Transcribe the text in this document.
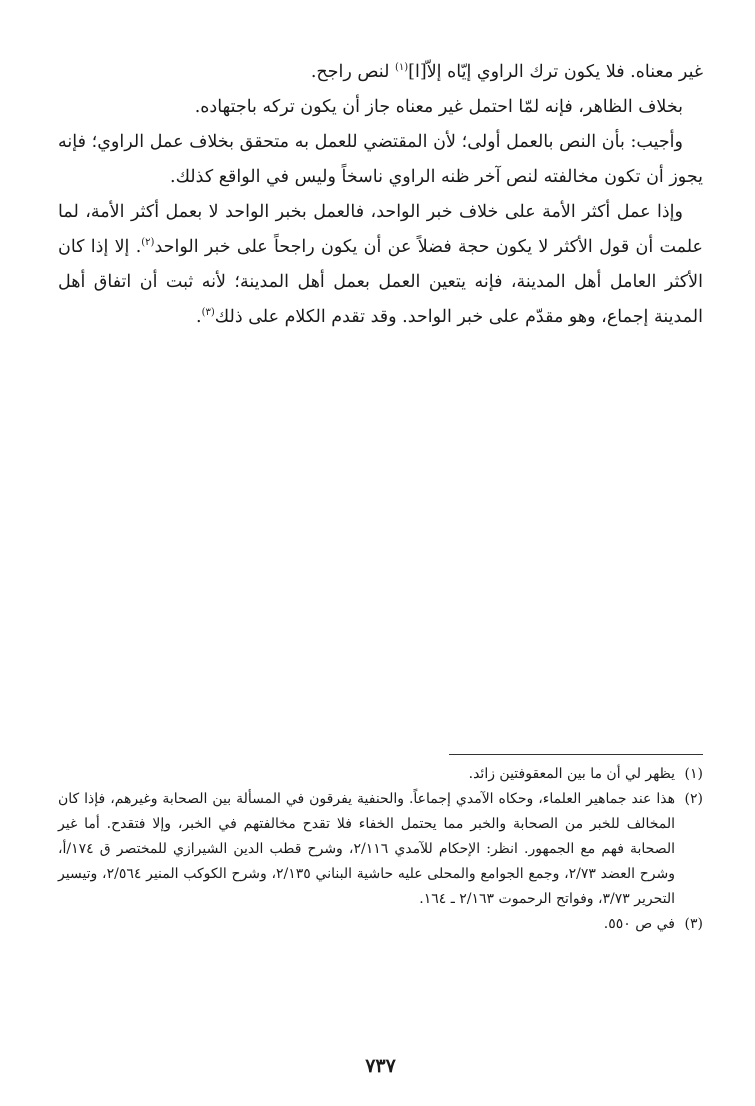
غير معناه. فلا يكون ترك الراوي إيّاه إلاّ[ا]$^{(١)}$ لنص راجح.

بخلاف الظاهر، فإنه لمّا احتمل غير معناه جاز أن يكون تركه باجتهاده.

وأجيب: بأن النص بالعمل أولى؛ لأن المقتضي للعمل به متحقق بخلاف عمل الراوي؛ فإنه يجوز أن تكون مخالفته لنص آخر ظنه الراوي ناسخاً وليس في الواقع كذلك.

وإذا عمل أكثر الأمة على خلاف خبر الواحد، فالعمل بخبر الواحد لا بعمل أكثر الأمة، لما علمت أن قول الأكثر لا يكون حجة فضلاً عن أن يكون راجحاً على خبر الواحد$^{(٢)}$. إلا إذا كان الأكثر العامل أهل المدينة، فإنه يتعين العمل بعمل أهل المدينة؛ لأنه ثبت أن اتفاق أهل المدينة إجماع، وهو مقدّم على خبر الواحد. وقد تقدم الكلام على ذلك$^{(٣)}$.

(١)
يظهر لي أن ما بين المعقوفتين زائد.
(٢)
هذا عند جماهير العلماء، وحكاه الآمدي إجماعاً. والحنفية يفرقون في المسألة بين الصحابة وغيرهم، فإذا كان المخالف للخبر من الصحابة والخبر مما يحتمل الخفاء فلا تقدح مخالفتهم في الخبر، وإلا فتقدح. أما غير الصحابة فهم مع الجمهور. انظر: الإحكام للآمدي ٢/١١٦، وشرح قطب الدين الشيرازي للمختصر ق ١٧٤/أ، وشرح العضد ٢/٧٣، وجمع الجوامع والمحلى عليه حاشية البناني ٢/١٣٥، وشرح الكوكب المنير ٢/٥٦٤، وتيسير التحرير ٣/٧٣، وفواتح الرحموت ٢/١٦٣ ـ ١٦٤.
(٣)
في ص ٥٥٠.
٧٣٧
